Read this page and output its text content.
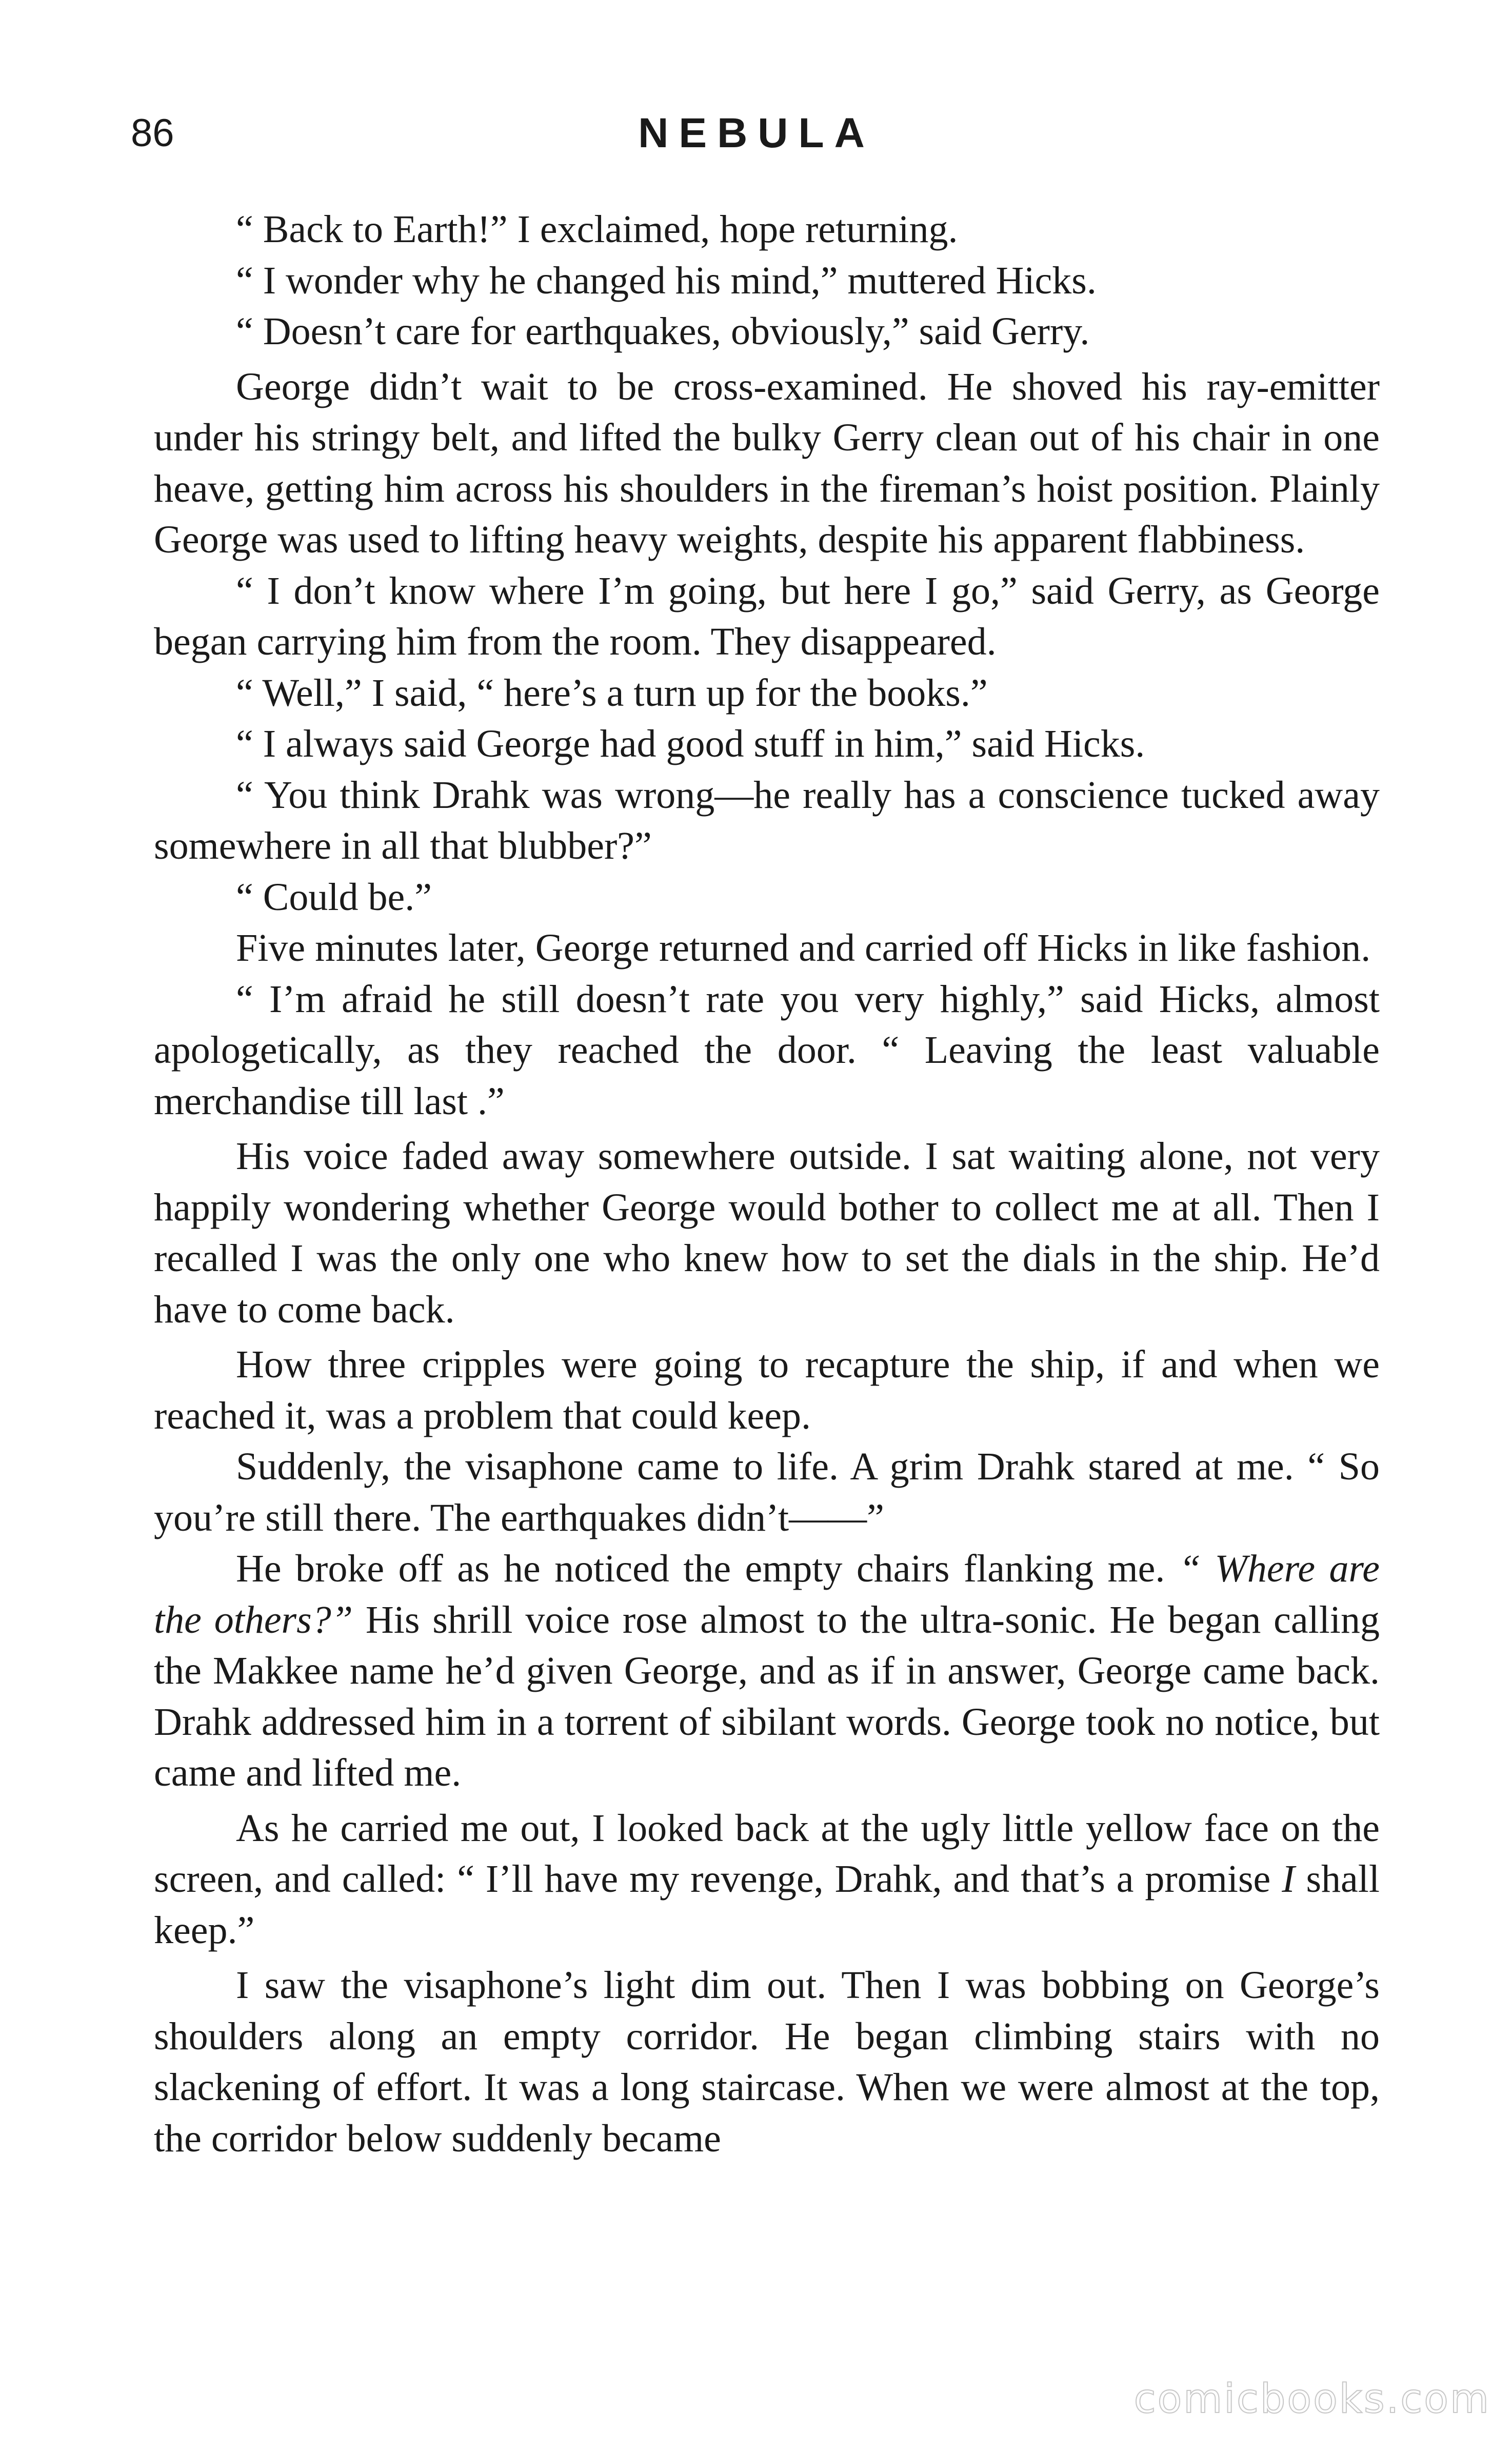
86	NEBULA

“ Back to Earth!” I exclaimed, hope returning.

“ I wonder why he changed his mind,” muttered Hicks.

“ Doesn’t care for earthquakes, obviously,” said Gerry.

George didn’t wait to be cross-examined. He shoved his ray-emitter under his stringy belt, and lifted the bulky Gerry clean out of his chair in one heave, getting him across his shoulders in the fireman’s hoist position. Plainly George was used to lifting heavy weights, despite his apparent flabbiness.

“ I don’t know where I’m going, but here I go,” said Gerry, as George began carrying him from the room. They disappeared.

“ Well,” I said, “ here’s a turn up for the books.”

“ I always said George had good stuff in him,” said Hicks.

“ You think Drahk was wrong—he really has a conscience tucked away somewhere in all that blubber?”

“ Could be.”

Five minutes later, George returned and carried off Hicks in like fashion.

“ I’m afraid he still doesn’t rate you very highly,” said Hicks, almost apologetically, as they reached the door. “ Leaving the least valuable merchandise till last .”

His voice faded away somewhere outside. I sat waiting alone, not very happily wondering whether George would bother to collect me at all. Then I recalled I was the only one who knew how to set the dials in the ship. He’d have to come back.

How three cripples were going to recapture the ship, if and when we reached it, was a problem that could keep.

Suddenly, the visaphone came to life. A grim Drahk stared at me. “ So you’re still there. The earthquakes didn’t——”

He broke off as he noticed the empty chairs flanking me. “ Where are the others?” His shrill voice rose almost to the ultra-sonic. He began calling the Makkee name he’d given George, and as if in answer, George came back. Drahk addressed him in a torrent of sibilant words. George took no notice, but came and lifted me.

As he carried me out, I looked back at the ugly little yellow face on the screen, and called: “ I’ll have my revenge, Drahk, and that’s a promise I shall keep.”

I saw the visaphone’s light dim out. Then I was bobbing on George’s shoulders along an empty corridor. He began climbing stairs with no slackening of effort. It was a long staircase. When we were almost at the top, the corridor below suddenly became

comicbooks.com
